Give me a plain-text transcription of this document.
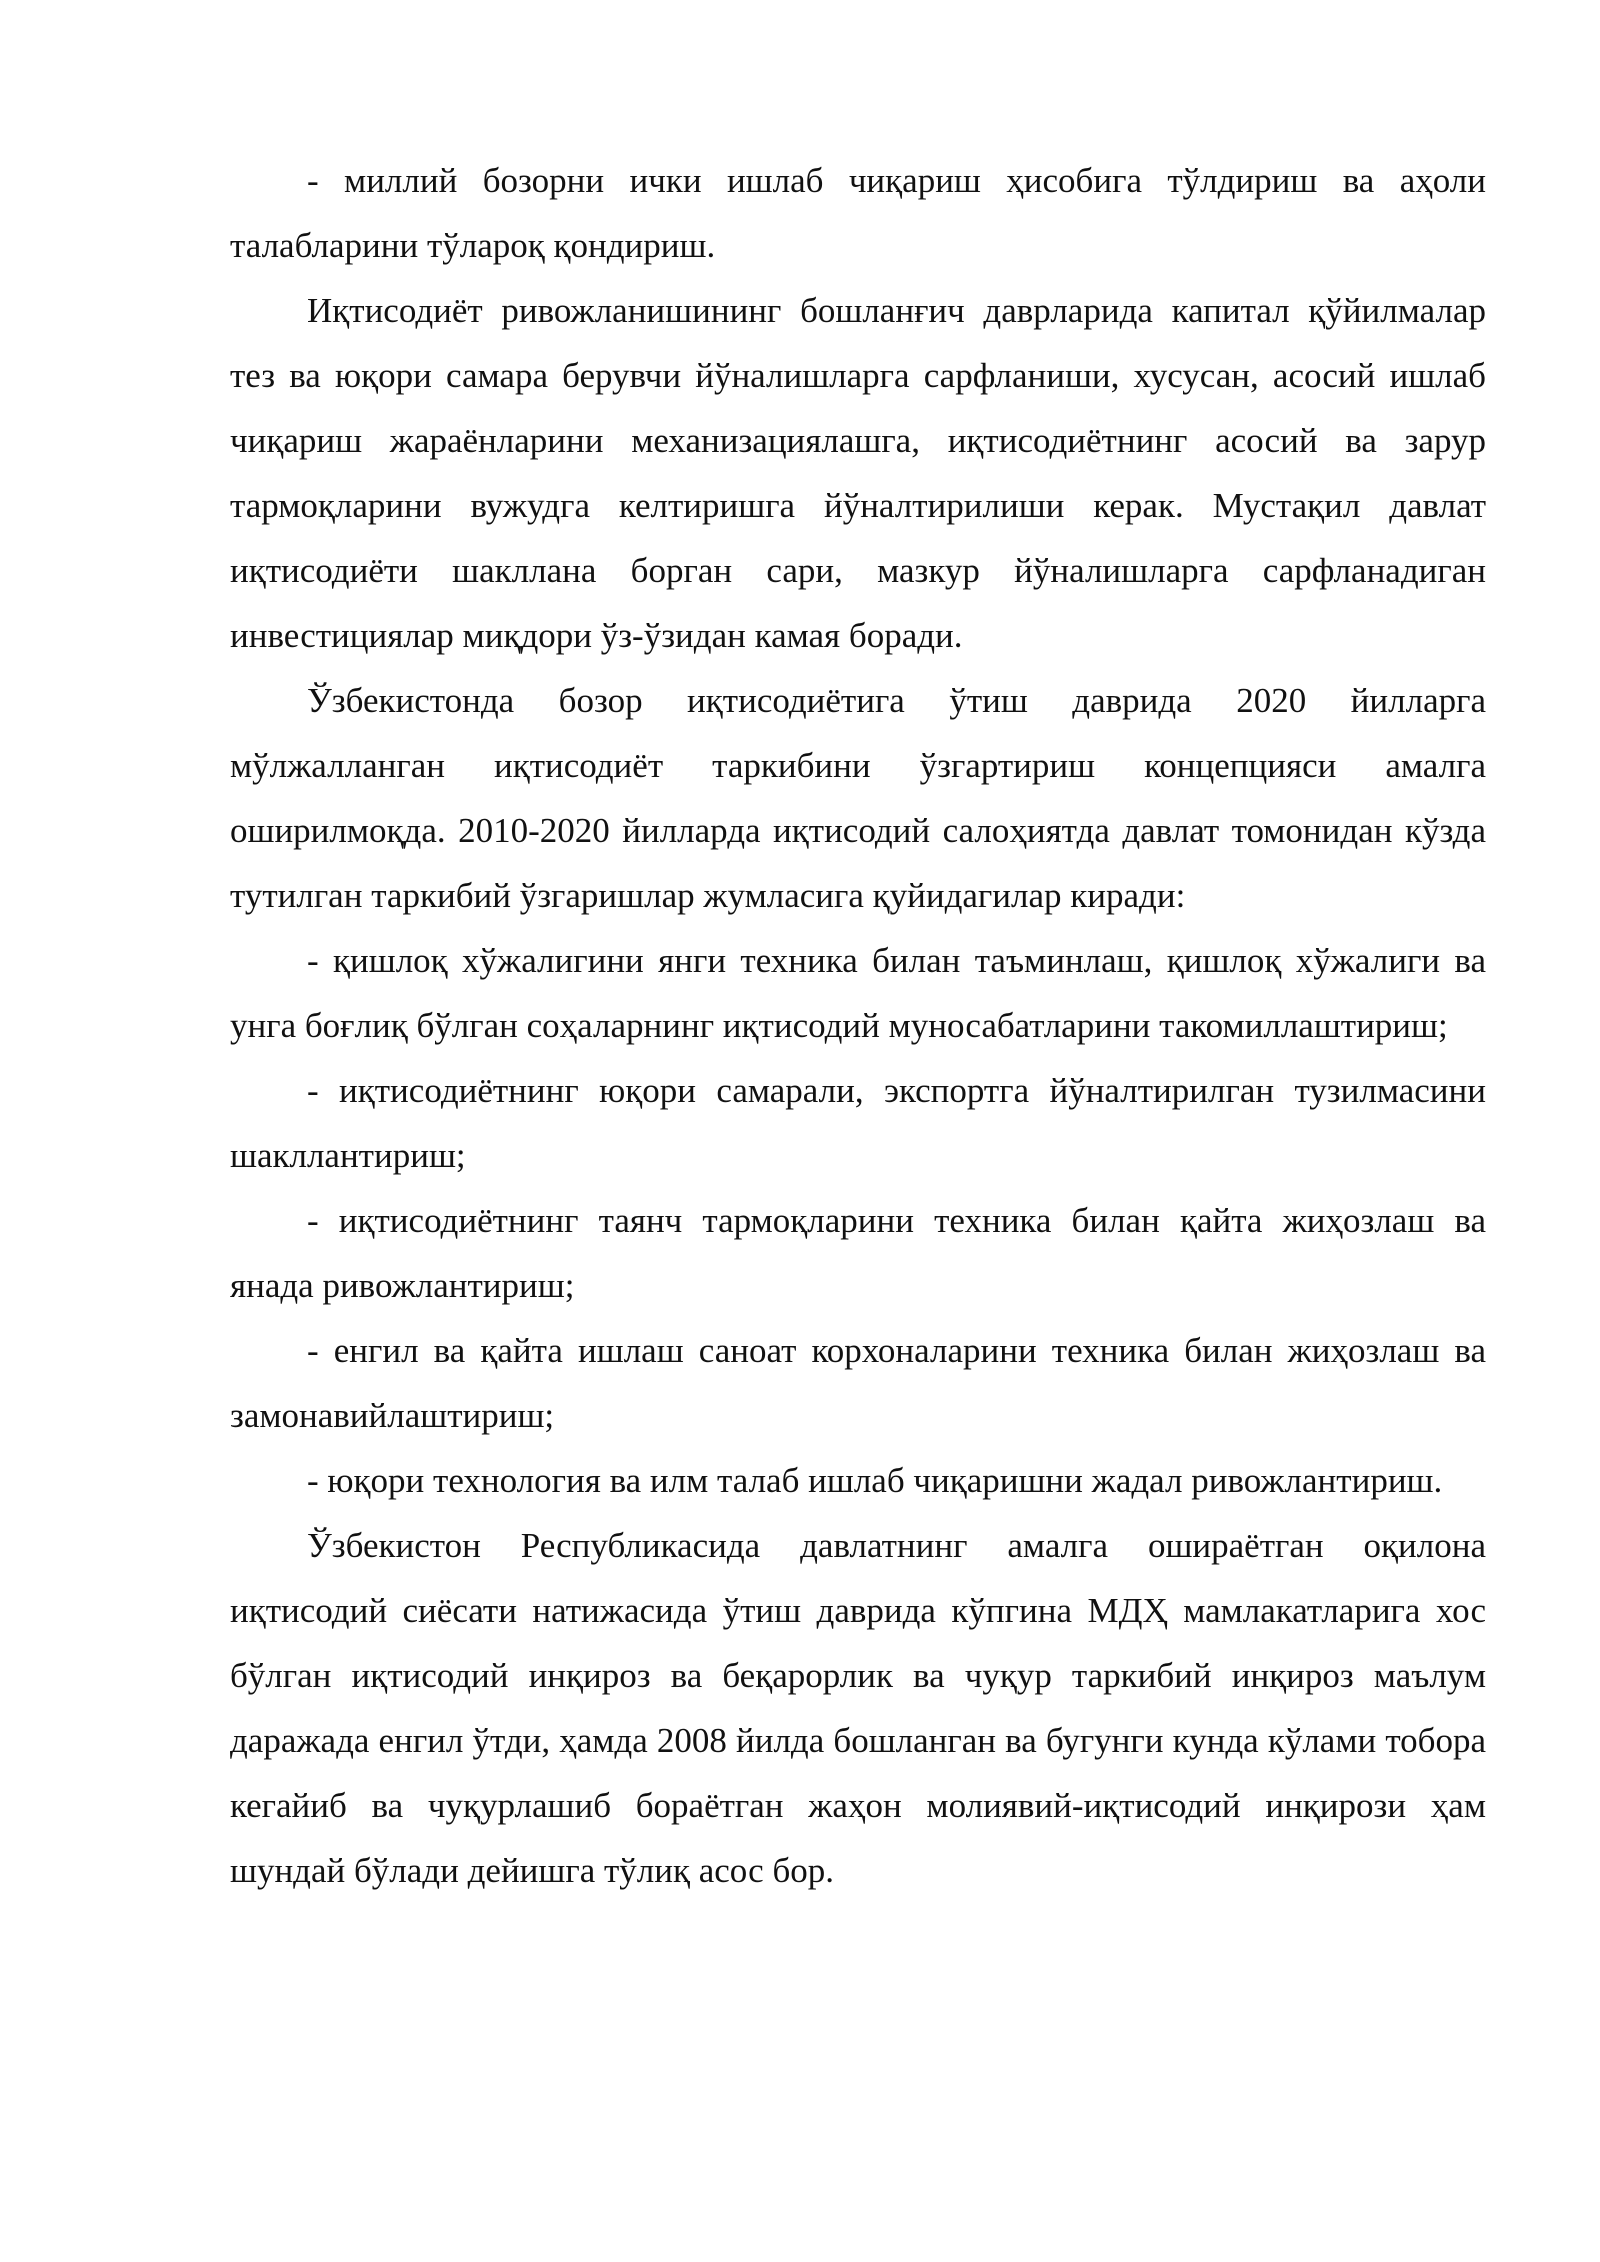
- миллий бозорни ички ишлаб чиқариш ҳисобига тўлдириш ва аҳоли талабларини тўлароқ қондириш.

Иқтисодиёт ривожланишининг бошланғич даврларида капитал қўйилмалар тез ва юқори самара берувчи йўналишларга сарфланиши, хусусан, асосий ишлаб чиқариш жараёнларини механизациялашга, иқтисодиётнинг асосий ва зарур тармоқларини вужудга келтиришга йўналтирилиши керак. Мустақил давлат иқтисодиёти шакллана борган сари, мазкур йўналишларга сарфланадиган инвестициялар миқдори ўз-ўзидан камая боради.

Ўзбекистонда бозор иқтисодиётига ўтиш даврида 2020 йилларга мўлжалланган иқтисодиёт таркибини ўзгартириш концепцияси амалга оширилмоқда. 2010-2020 йилларда иқтисодий салоҳиятда давлат томонидан кўзда тутилган таркибий ўзгаришлар жумласига қуйидагилар киради:

- қишлоқ хўжалигини янги техника билан таъминлаш, қишлоқ хўжалиги ва унга боғлиқ бўлган соҳаларнинг иқтисодий муносабатларини такомиллаштириш;

- иқтисодиётнинг юқори самарали, экспортга йўналтирилган тузилмасини шакллантириш;

- иқтисодиётнинг таянч тармоқларини техника билан қайта жиҳозлаш ва янада ривожлантириш;

- енгил ва қайта ишлаш саноат корхоналарини техника билан жиҳозлаш ва замонавийлаштириш;

- юқори технология ва илм талаб ишлаб чиқаришни жадал ривожлантириш.

Ўзбекистон Республикасида давлатнинг амалга ошираётган оқилона иқтисодий сиёсати натижасида ўтиш даврида кўпгина МДҲ мамлакатларига хос бўлган иқтисодий инқироз ва беқарорлик ва чуқур таркибий инқироз маълум даражада енгил ўтди, ҳамда 2008 йилда бошланган ва бугунги кунда кўлами тобора кегайиб ва чуқурлашиб бораётган жаҳон молиявий-иқтисодий инқирози ҳам шундай бўлади дейишга тўлиқ асос бор.
